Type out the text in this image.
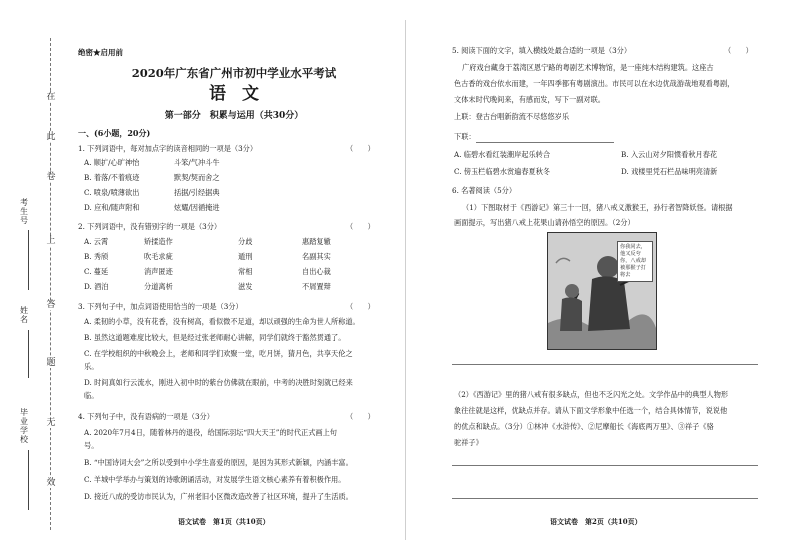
在
此
卷
上
答
题
无
效
考生号
姓名
毕业学校
绝密★启用前
2020年广东省广州市初中学业水平考试
语文
第一部分　积累与运用（共30分）
一、(6小题，20分)
1. 下列词语中，每对加点字的读音相同的一项是（3分）	（　　）
A. 顺扩/心旷神怡	斗笨/气冲斗牛
B. 着落/不着痕迹	默契/契而舍之
C. 喷泉/喷薄欲出	括据/引经据典
D. 应和/随声附和	炫耀/因循掩进
2. 下列词语中，没有错别字的一项是（3分）	（　　）
A. 云霄	矫揉造作	分歧	惠踏复辙
B. 秀颀	吹毛求疵	遁刑	名副其实
C. 蔓延	消声匿迹	常相	自出心裁
D. 酒泊	分道离析	滋发	不屑置辩
3. 下列句子中，加点词语使用恰当的一项是（3分）	（　　）
A. 柔韧的小草，没有花香，没有树高，看似微不足道，却以顽强的生命为世人所称道。
B. 虽然这道题难度比较大，但是经过张老师耐心讲解，同学们就终于豁然贯通了。
C. 在学校组织的中秋晚会上，老师和同学们欢聚一堂，吃月饼，猜月色，共享天伦之
乐。
D. 时间真如行云流水，刚进入初中时的紫台仿佛就在眼前，中考的决胜时刻就已经来
临。
4. 下列句子中，没有语病的一项是（3分）	（　　）
A. 2020年7月4日，随着林丹的退役，给国际羽坛“四大天王”的时代正式画上句
号。
B. “中国诗词大会”之所以受到中小学生喜爱的原因，是因为其形式新颖，内涵丰富。
C. 羊城中学举办与策划的诗歌朗诵活动，对发展学生语文核心素养有着积极作用。
D. 接近八成的受访市民认为，广州老旧小区微改造改善了社区环境，提升了生活质。
语文试卷　第1页（共10页）
5. 阅读下面的文字，填入横线处最合适的一项是（3分）	（　　）
广府戏台藏身于荔湾区恩宁路的粤剧艺术博物馆，是一座纯木结构建筑。这座古
色古香的戏台依水而建，一年四季都有粤剧演出。市民可以在水边优哉游哉地观看粤剧，
文体末时代晚间来，有感而发，写下一副对联。
上联：登古台唱新韵流不尽悠悠岁乐
下联：
A. 临碧水看红装潮岸起乐转合	B. 入云山对夕阳惯看秋月春花
C. 傍玉栏临碧水赏遍春夏秋冬	D. 戏楼里凭石栏品味明亮清新
6. 名著阅读（5分）
（1）下图取材于《西游记》第三十一回，猪八戒义激猴王，孙行者智降妖怪。请根据
画面提示，写出猪八戒上花果山请孙悟空的原因。（2分）
你我同去，他又反夸你，八戒却被那猴子打将去
（2）《西游记》里的猪八戒有很多缺点，但也不乏闪光之处。文学作品中的典型人物形
象往往就是这样，优缺点并存。请从下面文学形象中任选一个，结合具体情节，说说他
的优点和缺点。（3分）①林冲《水浒传》、②尼摩船长《海底两万里》、③祥子《骆
驼祥子》
语文试卷　第2页（共10页）
